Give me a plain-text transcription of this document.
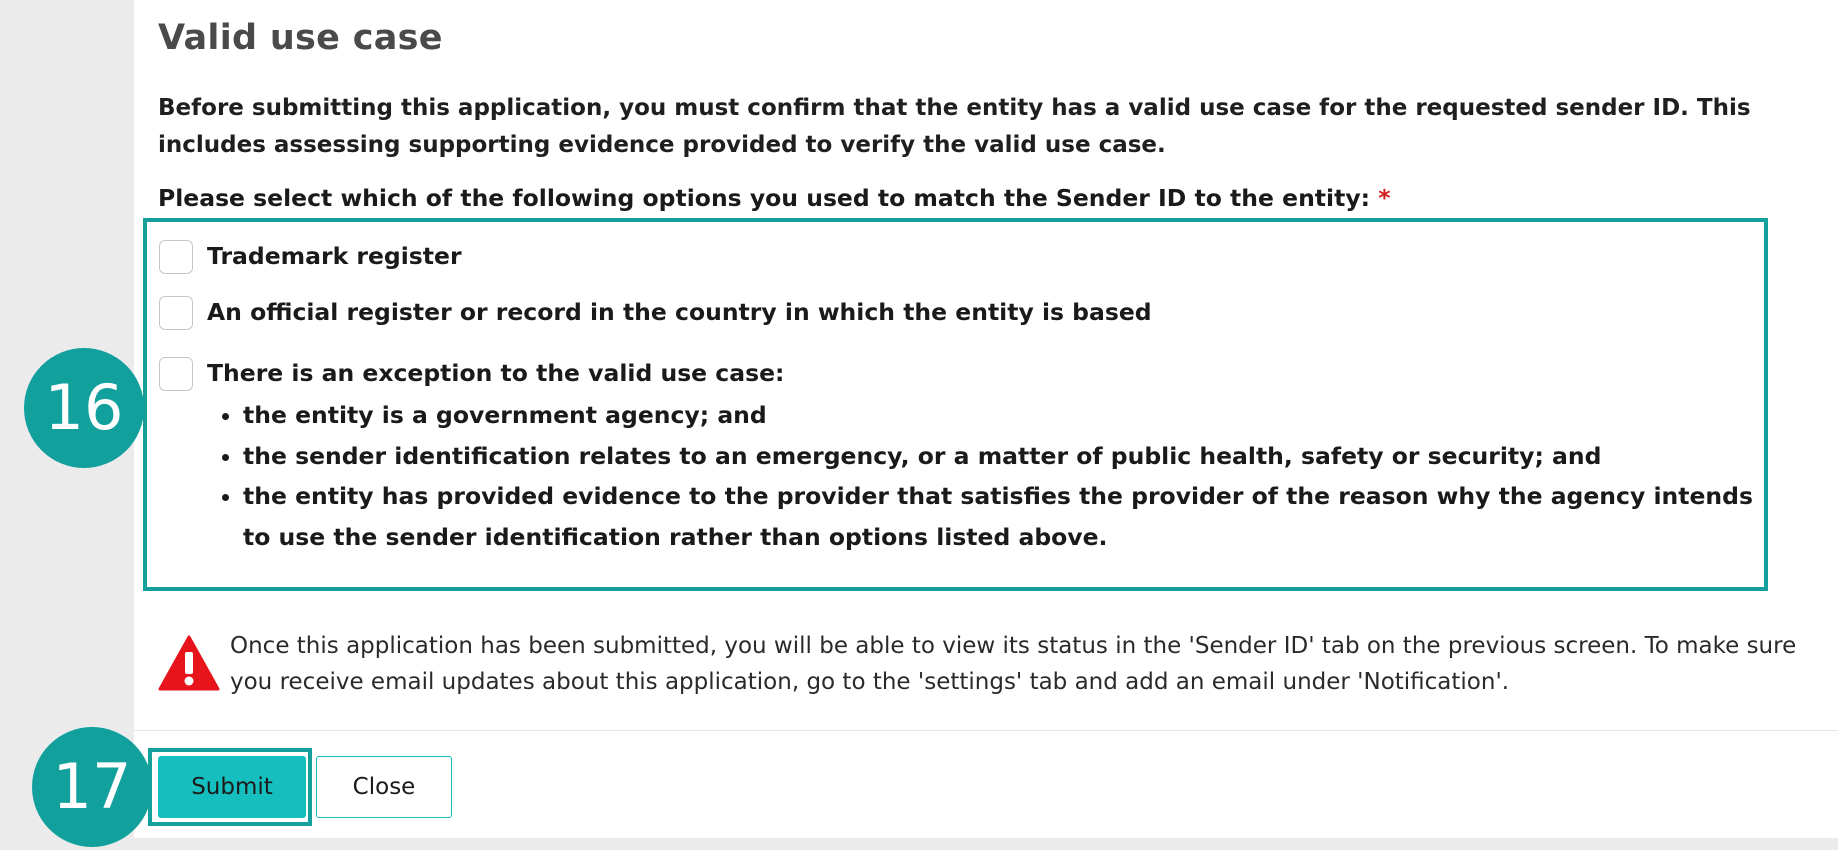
Valid use case

Before submitting this application, you must confirm that the entity has a valid use case for the requested sender ID. This includes assessing supporting evidence provided to verify the valid use case.

Please select which of the following options you used to match the Sender ID to the entity: *

Trademark register
An official register or record in the country in which the entity is based
There is an exception to the valid use case:
• the entity is a government agency; and
• the sender identification relates to an emergency, or a matter of public health, safety or security; and
• the entity has provided evidence to the provider that satisfies the provider of the reason why the agency intends to use the sender identification rather than options listed above.

Once this application has been submitted, you will be able to view its status in the 'Sender ID' tab on the previous screen. To make sure you receive email updates about this application, go to the 'settings' tab and add an email under 'Notification'.

16
Submit	Close
17
